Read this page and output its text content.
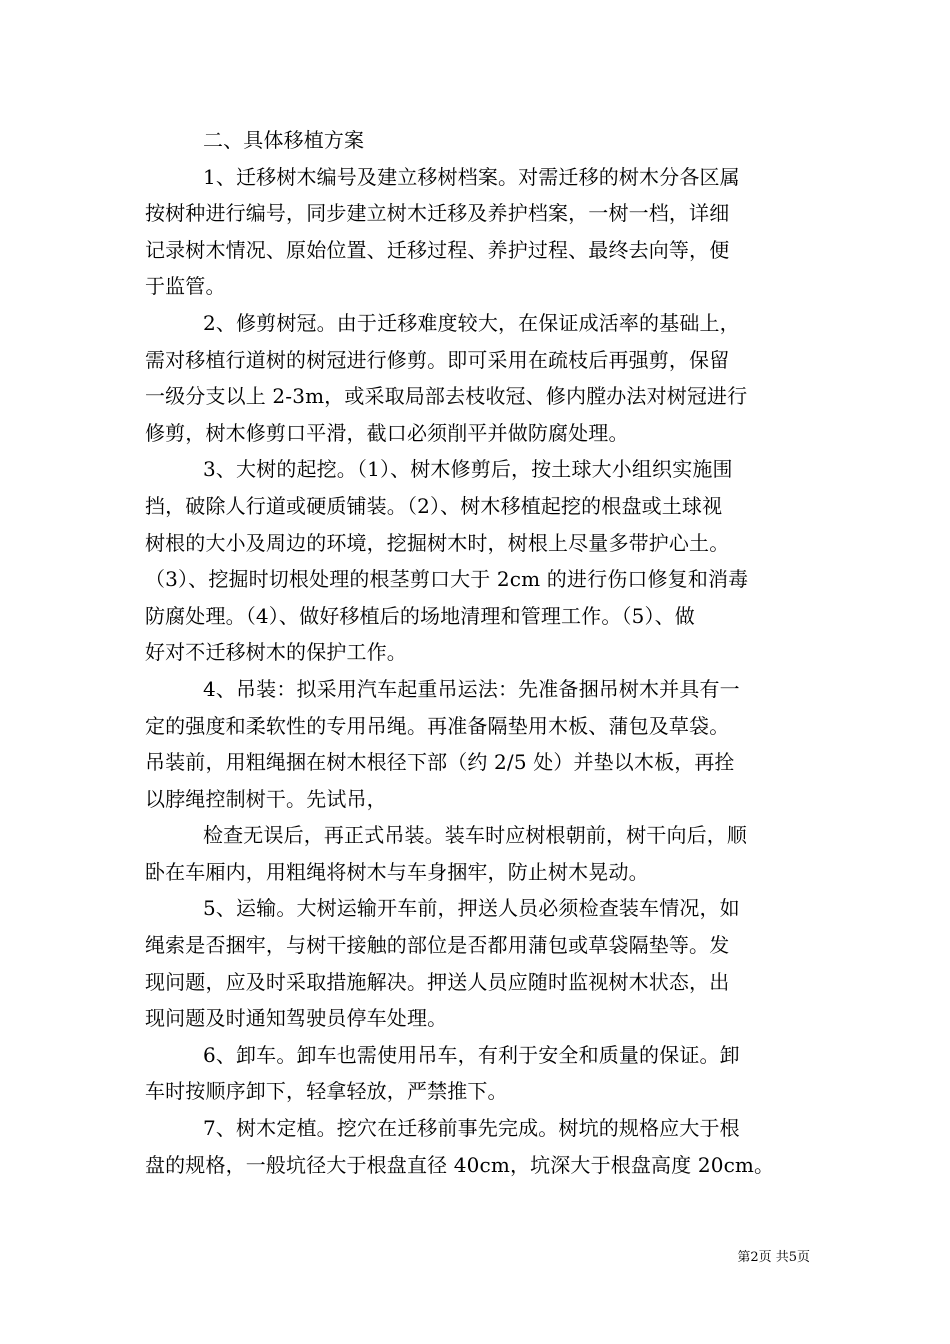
二、具体移植方案
1、迁移树木编号及建立移树档案。对需迁移的树木分各区属
按树种进行编号，同步建立树木迁移及养护档案，一树一档，详细
记录树木情况、原始位置、迁移过程、养护过程、最终去向等，便
于监管。
2、修剪树冠。由于迁移难度较大，在保证成活率的基础上，
需对移植行道树的树冠进行修剪。即可采用在疏枝后再强剪，保留
一级分支以上 2-3m，或采取局部去枝收冠、修内膛办法对树冠进行
修剪，树木修剪口平滑，截口必须削平并做防腐处理。
3、大树的起挖。（1）、树木修剪后，按土球大小组织实施围
挡，破除人行道或硬质铺装。（2）、树木移植起挖的根盘或土球视
树根的大小及周边的环境，挖掘树木时，树根上尽量多带护心土。
（3）、挖掘时切根处理的根茎剪口大于 2cm 的进行伤口修复和消毒
防腐处理。（4）、做好移植后的场地清理和管理工作。（5）、做
好对不迁移树木的保护工作。
4、吊装：拟采用汽车起重吊运法：先准备捆吊树木并具有一
定的强度和柔软性的专用吊绳。再准备隔垫用木板、蒲包及草袋。
吊装前，用粗绳捆在树木根径下部（约 2/5 处）并垫以木板，再拴
以脖绳控制树干。先试吊，
检查无误后，再正式吊装。装车时应树根朝前，树干向后，顺
卧在车厢内，用粗绳将树木与车身捆牢，防止树木晃动。
5、运输。大树运输开车前，押送人员必须检查装车情况，如
绳索是否捆牢，与树干接触的部位是否都用蒲包或草袋隔垫等。发
现问题，应及时采取措施解决。押送人员应随时监视树木状态，出
现问题及时通知驾驶员停车处理。
6、卸车。卸车也需使用吊车，有利于安全和质量的保证。卸
车时按顺序卸下，轻拿轻放，严禁推下。
7、树木定植。挖穴在迁移前事先完成。树坑的规格应大于根
盘的规格，一般坑径大于根盘直径 40cm，坑深大于根盘高度 20cm。
第2页 共5页
